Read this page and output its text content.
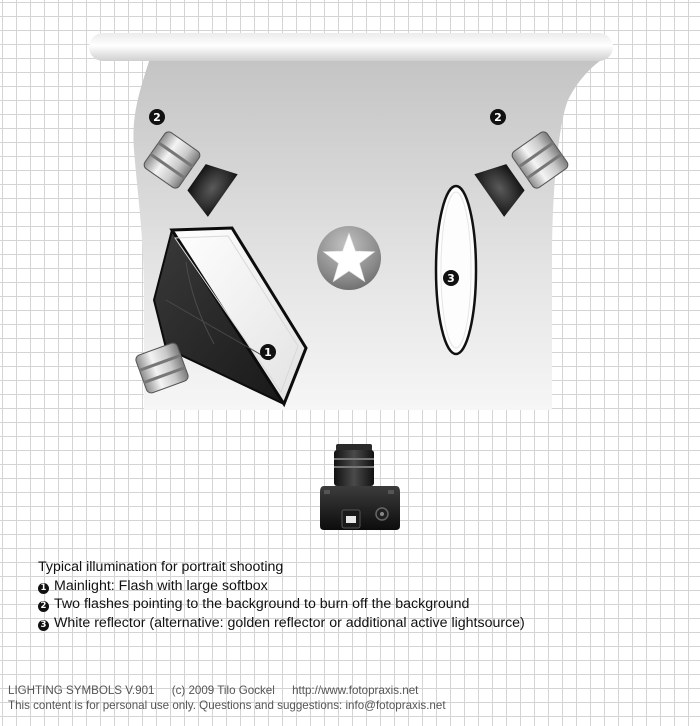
2	2
3
1
Typical illumination for portrait shooting
1 Mainlight: Flash with large softbox
2 Two flashes pointing to the background to burn off the background
3 White reflector (alternative: golden reflector or additional active lightsource)
LIGHTING SYMBOLS V.901 (c) 2009 Tilo Gockel http://www.fotopraxis.net
This content is for personal use only. Questions and suggestions: info@fotopraxis.net
